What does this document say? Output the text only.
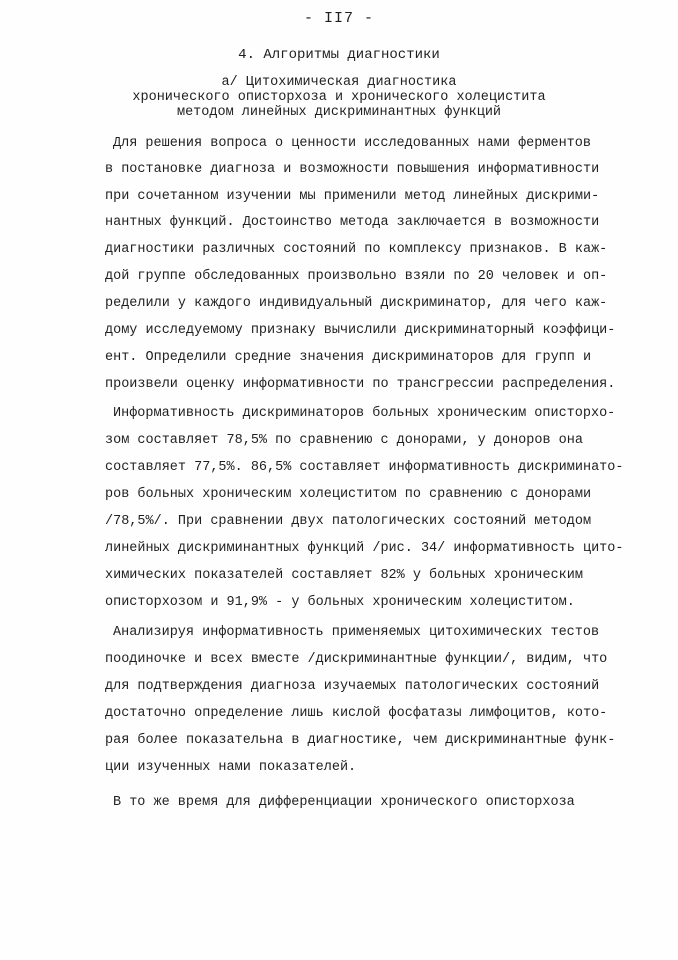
- II7 -
4. Алгоритмы диагностики
а/ Цитохимическая диагностика
хронического описторхоза и хронического холецистита
методом линейных дискриминантных функций
Для решения вопроса о ценности исследованных нами ферментов
в постановке диагноза и возможности повышения информативности
при сочетанном изучении мы применили метод линейных дискрими-
нантных функций. Достоинство метода заключается в возможности
диагностики различных состояний по комплексу признаков. В каж-
дой группе обследованных произвольно взяли по 20 человек и оп-
ределили у каждого индивидуальный дискриминатор, для чего каж-
дому исследуемому признаку вычислили дискриминаторный коэффици-
ент. Определили средние значения дискриминаторов для групп и
произвели оценку информативности по трансгрессии распределения.
Информативность дискриминаторов больных хроническим описторхо-
зом составляет 78,5% по сравнению с донорами, у доноров она
составляет 77,5%. 86,5% составляет информативность дискриминато-
ров больных хроническим холециститом по сравнению с донорами
/78,5%/. При сравнении двух патологических состояний методом
линейных дискриминантных функций /рис. 34/ информативность цито-
химических показателей составляет 82% у больных хроническим
описторхозом и 91,9% - у больных хроническим холециститом.
Анализируя информативность применяемых цитохимических тестов
поодиночке и всех вместе /дискриминантные функции/, видим, что
для подтверждения диагноза изучаемых патологических состояний
достаточно определение лишь кислой фосфатазы лимфоцитов, кото-
рая более показательна в диагностике, чем дискриминантные функ-
ции изученных нами показателей.
В то же время для дифференциации хронического описторхоза
